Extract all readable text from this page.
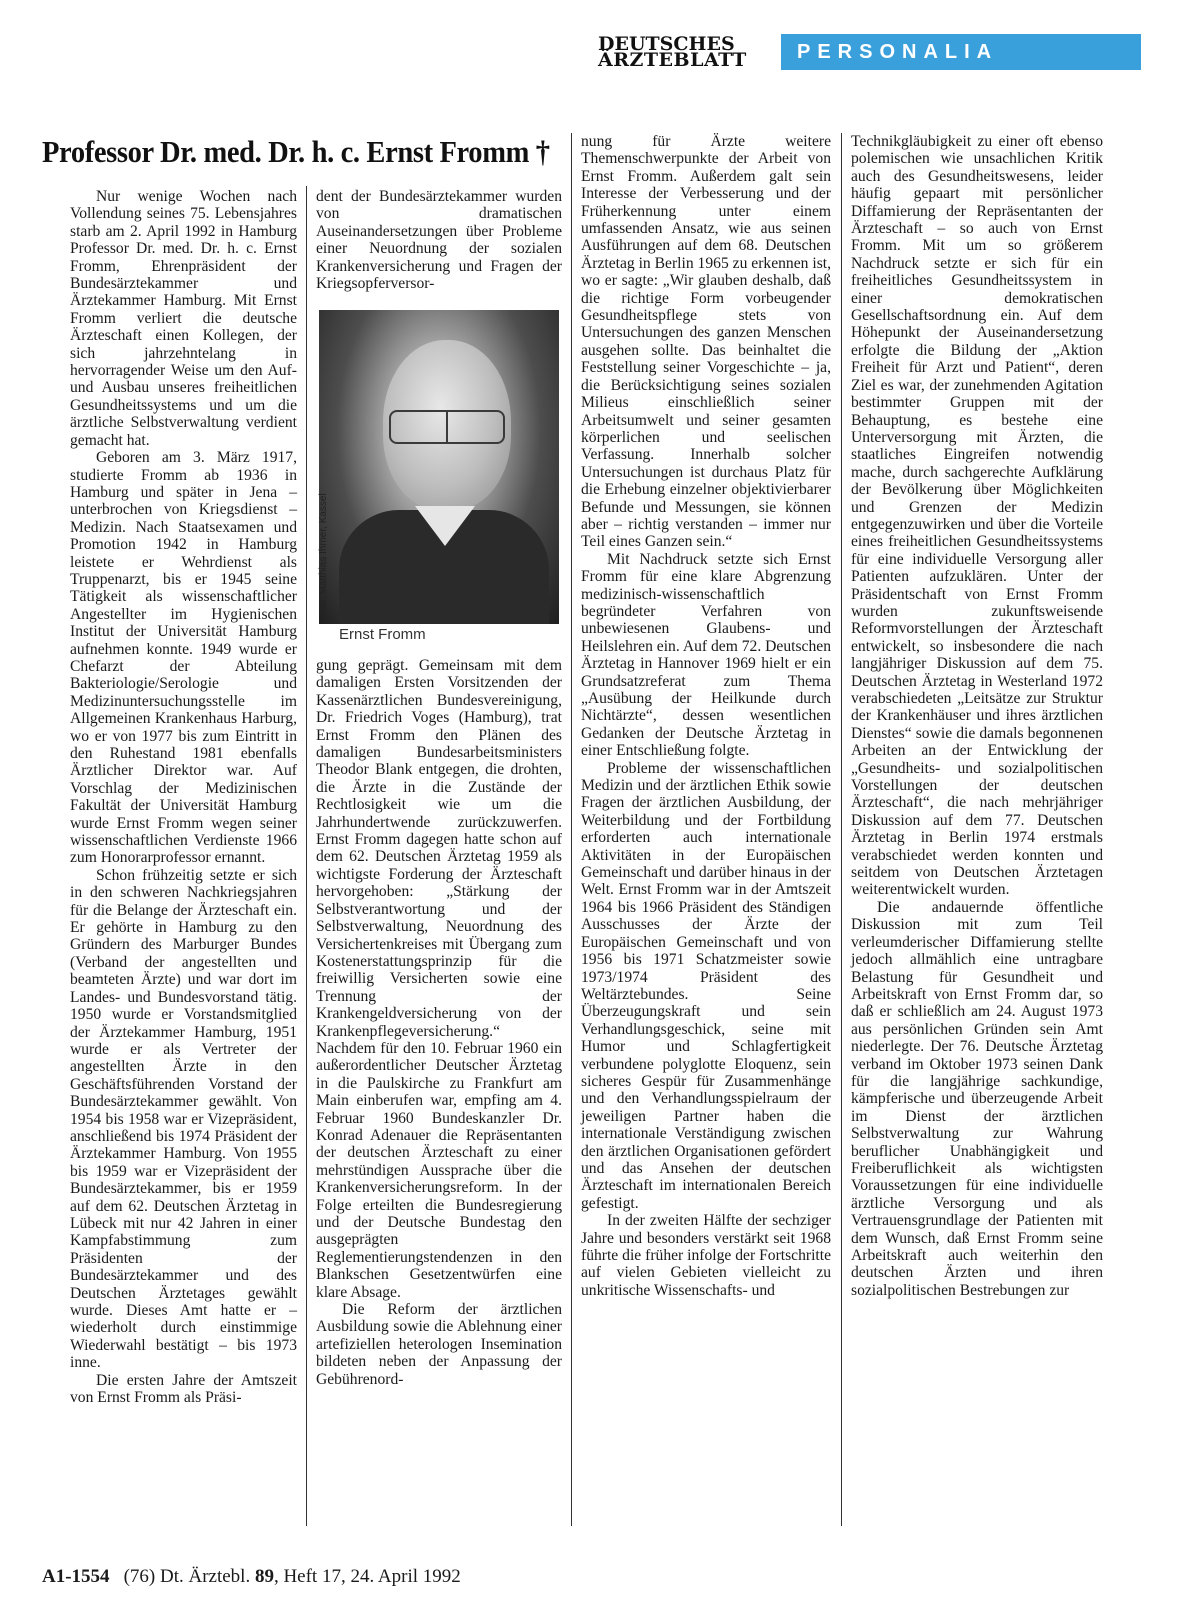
DEUTSCHES
ÄRZTEBLATT	PERSONALIA
Professor Dr. med. Dr. h. c. Ernst Fromm †

Nur wenige Wochen nach Vollendung seines 75. Lebensjahres starb am 2. April 1992 in Hamburg Professor Dr. med. Dr. h. c. Ernst Fromm, Ehrenpräsident der Bundesärztekammer und Ärztekammer Hamburg. Mit Ernst Fromm verliert die deutsche Ärzteschaft einen Kollegen, der sich jahrzehntelang in hervorragender Weise um den Auf- und Ausbau unseres freiheitlichen Gesundheitssystems und um die ärztliche Selbstverwaltung verdient gemacht hat.

Geboren am 3. März 1917, studierte Fromm ab 1936 in Hamburg und später in Jena – unterbrochen von Kriegsdienst – Medizin. Nach Staatsexamen und Promotion 1942 in Hamburg leistete er Wehrdienst als Truppenarzt, bis er 1945 seine Tätigkeit als wissenschaftlicher Angestellter im Hygienischen Institut der Universität Hamburg aufnehmen konnte. 1949 wurde er Chefarzt der Abteilung Bakteriologie/Serologie und Medizinuntersuchungsstelle im Allgemeinen Krankenhaus Harburg, wo er von 1977 bis zum Eintritt in den Ruhestand 1981 ebenfalls Ärztlicher Direktor war. Auf Vorschlag der Medizinischen Fakultät der Universität Hamburg wurde Ernst Fromm wegen seiner wissenschaftlichen Verdienste 1966 zum Honorarprofessor ernannt.

Schon frühzeitig setzte er sich in den schweren Nachkriegsjahren für die Belange der Ärzteschaft ein. Er gehörte in Hamburg zu den Gründern des Marburger Bundes (Verband der angestellten und beamteten Ärzte) und war dort im Landes- und Bundesvorstand tätig. 1950 wurde er Vorstandsmitglied der Ärztekammer Hamburg, 1951 wurde er als Vertreter der angestellten Ärzte in den Geschäftsführenden Vorstand der Bundesärztekammer gewählt. Von 1954 bis 1958 war er Vizepräsident, anschließend bis 1974 Präsident der Ärztekammer Hamburg. Von 1955 bis 1959 war er Vizepräsident der Bundesärztekammer, bis er 1959 auf dem 62. Deutschen Ärztetag in Lübeck mit nur 42 Jahren in einer Kampfabstimmung zum Präsidenten der Bundesärztekammer und des Deutschen Ärztetages gewählt wurde. Dieses Amt hatte er – wiederholt durch einstimmige Wiederwahl bestätigt – bis 1973 inne.

Die ersten Jahre der Amtszeit von Ernst Fromm als Präsi-

dent der Bundesärztekammer wurden von dramatischen Auseinandersetzungen über Probleme einer Neuordnung der sozialen Krankenversicherung und Fragen der Kriegsopferversor-

Foto: Matthias Ihmer, Kassel
Ernst Fromm

gung geprägt. Gemeinsam mit dem damaligen Ersten Vorsitzenden der Kassenärztlichen Bundesvereinigung, Dr. Friedrich Voges (Hamburg), trat Ernst Fromm den Plänen des damaligen Bundesarbeitsministers Theodor Blank entgegen, die drohten, die Ärzte in die Zustände der Rechtlosigkeit wie um die Jahrhundertwende zurückzuwerfen. Ernst Fromm dagegen hatte schon auf dem 62. Deutschen Ärztetag 1959 als wichtigste Forderung der Ärzteschaft hervorgehoben: „Stärkung der Selbstverantwortung und der Selbstverwaltung, Neuordnung des Versichertenkreises mit Übergang zum Kostenerstattungsprinzip für die freiwillig Versicherten sowie eine Trennung der Krankengeldversicherung von der Krankenpflegeversicherung.“ Nachdem für den 10. Februar 1960 ein außerordentlicher Deutscher Ärztetag in die Paulskirche zu Frankfurt am Main einberufen war, empfing am 4. Februar 1960 Bundeskanzler Dr. Konrad Adenauer die Repräsentanten der deutschen Ärzteschaft zu einer mehrstündigen Aussprache über die Krankenversicherungsreform. In der Folge erteilten die Bundesregierung und der Deutsche Bundestag den ausgeprägten Reglementierungstendenzen in den Blankschen Gesetzentwürfen eine klare Absage.

Die Reform der ärztlichen Ausbildung sowie die Ablehnung einer artefiziellen heterologen Insemination bildeten neben der Anpassung der Gebührenord-

nung für Ärzte weitere Themenschwerpunkte der Arbeit von Ernst Fromm. Außerdem galt sein Interesse der Verbesserung und der Früherkennung unter einem umfassenden Ansatz, wie aus seinen Ausführungen auf dem 68. Deutschen Ärztetag in Berlin 1965 zu erkennen ist, wo er sagte: „Wir glauben deshalb, daß die richtige Form vorbeugender Gesundheitspflege stets von Untersuchungen des ganzen Menschen ausgehen sollte. Das beinhaltet die Feststellung seiner Vorgeschichte – ja, die Berücksichtigung seines sozialen Milieus einschließlich seiner Arbeitsumwelt und seiner gesamten körperlichen und seelischen Verfassung. Innerhalb solcher Untersuchungen ist durchaus Platz für die Erhebung einzelner objektivierbarer Befunde und Messungen, sie können aber – richtig verstanden – immer nur Teil eines Ganzen sein.“

Mit Nachdruck setzte sich Ernst Fromm für eine klare Abgrenzung medizinisch-wissenschaftlich begründeter Verfahren von unbewiesenen Glaubens- und Heilslehren ein. Auf dem 72. Deutschen Ärztetag in Hannover 1969 hielt er ein Grundsatzreferat zum Thema „Ausübung der Heilkunde durch Nichtärzte“, dessen wesentlichen Gedanken der Deutsche Ärztetag in einer Entschließung folgte.

Probleme der wissenschaftlichen Medizin und der ärztlichen Ethik sowie Fragen der ärztlichen Ausbildung, der Weiterbildung und der Fortbildung erforderten auch internationale Aktivitäten in der Europäischen Gemeinschaft und darüber hinaus in der Welt. Ernst Fromm war in der Amtszeit 1964 bis 1966 Präsident des Ständigen Ausschusses der Ärzte der Europäischen Gemeinschaft und von 1956 bis 1971 Schatzmeister sowie 1973/1974 Präsident des Weltärztebundes. Seine Überzeugungskraft und sein Verhandlungsgeschick, seine mit Humor und Schlagfertigkeit verbundene polyglotte Eloquenz, sein sicheres Gespür für Zusammenhänge und den Verhandlungsspielraum der jeweiligen Partner haben die internationale Verständigung zwischen den ärztlichen Organisationen gefördert und das Ansehen der deutschen Ärzteschaft im internationalen Bereich gefestigt.

In der zweiten Hälfte der sechziger Jahre und besonders verstärkt seit 1968 führte die früher infolge der Fortschritte auf vielen Gebieten vielleicht zu unkritische Wissenschafts- und

Technikgläubigkeit zu einer oft ebenso polemischen wie unsachlichen Kritik auch des Gesundheitswesens, leider häufig gepaart mit persönlicher Diffamierung der Repräsentanten der Ärzteschaft – so auch von Ernst Fromm. Mit um so größerem Nachdruck setzte er sich für ein freiheitliches Gesundheitssystem in einer demokratischen Gesellschaftsordnung ein. Auf dem Höhepunkt der Auseinandersetzung erfolgte die Bildung der „Aktion Freiheit für Arzt und Patient“, deren Ziel es war, der zunehmenden Agitation bestimmter Gruppen mit der Behauptung, es bestehe eine Unterversorgung mit Ärzten, die staatliches Eingreifen notwendig mache, durch sachgerechte Aufklärung der Bevölkerung über Möglichkeiten und Grenzen der Medizin entgegenzuwirken und über die Vorteile eines freiheitlichen Gesundheitssystems für eine individuelle Versorgung aller Patienten aufzuklären. Unter der Präsidentschaft von Ernst Fromm wurden zukunftsweisende Reformvorstellungen der Ärzteschaft entwickelt, so insbesondere die nach langjähriger Diskussion auf dem 75. Deutschen Ärztetag in Westerland 1972 verabschiedeten „Leitsätze zur Struktur der Krankenhäuser und ihres ärztlichen Dienstes“ sowie die damals begonnenen Arbeiten an der Entwicklung der „Gesundheits- und sozialpolitischen Vorstellungen der deutschen Ärzteschaft“, die nach mehrjähriger Diskussion auf dem 77. Deutschen Ärztetag in Berlin 1974 erstmals verabschiedet werden konnten und seitdem von Deutschen Ärztetagen weiterentwickelt wurden.

Die andauernde öffentliche Diskussion mit zum Teil verleumderischer Diffamierung stellte jedoch allmählich eine untragbare Belastung für Gesundheit und Arbeitskraft von Ernst Fromm dar, so daß er schließlich am 24. August 1973 aus persönlichen Gründen sein Amt niederlegte. Der 76. Deutsche Ärztetag verband im Oktober 1973 seinen Dank für die langjährige sachkundige, kämpferische und überzeugende Arbeit im Dienst der ärztlichen Selbstverwaltung zur Wahrung beruflicher Unabhängigkeit und Freiberuflichkeit als wichtigsten Voraussetzungen für eine individuelle ärztliche Versorgung und als Vertrauensgrundlage der Patienten mit dem Wunsch, daß Ernst Fromm seine Arbeitskraft auch weiterhin den deutschen Ärzten und ihren sozialpolitischen Bestrebungen zur

A1-1554 (76) Dt. Ärztebl. 89, Heft 17, 24. April 1992
